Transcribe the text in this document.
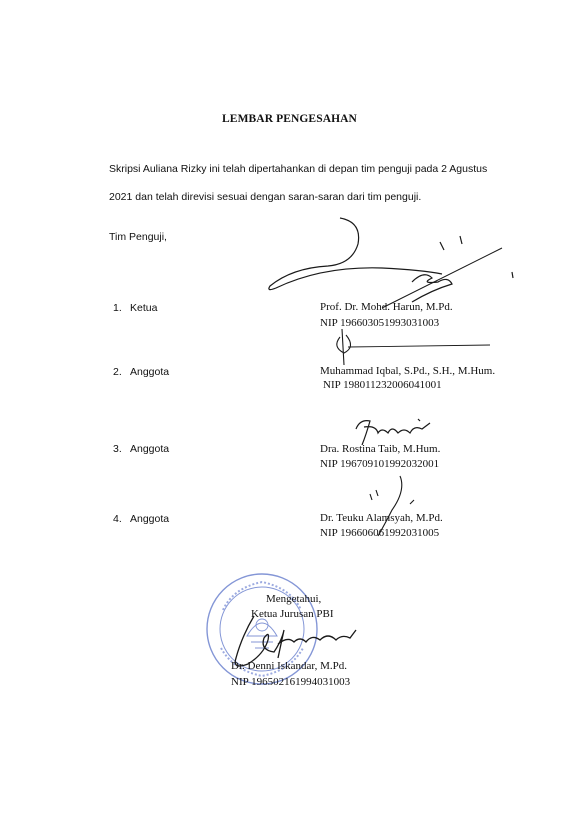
LEMBAR PENGESAHAN
Skripsi Auliana Rizky ini telah dipertahankan di depan tim penguji pada 2 Agustus
2021 dan telah direvisi sesuai dengan saran-saran dari tim penguji.
Tim Penguji,
1. Ketua	Prof. Dr. Mohd. Harun, M.Pd.
NIP 196603051993031003
2. Anggota	Muhammad Iqbal, S.Pd., S.H., M.Hum.
NIP 198011232006041001
3. Anggota	Dra. Rostina Taib, M.Hum.
NIP 196709101992032001
4. Anggota	Dr. Teuku Alamsyah, M.Pd.
NIP 196606061992031005
Mengetahui,
Ketua Jurusan PBI
Dr. Denni Iskandar, M.Pd.
NIP 196502161994031003
